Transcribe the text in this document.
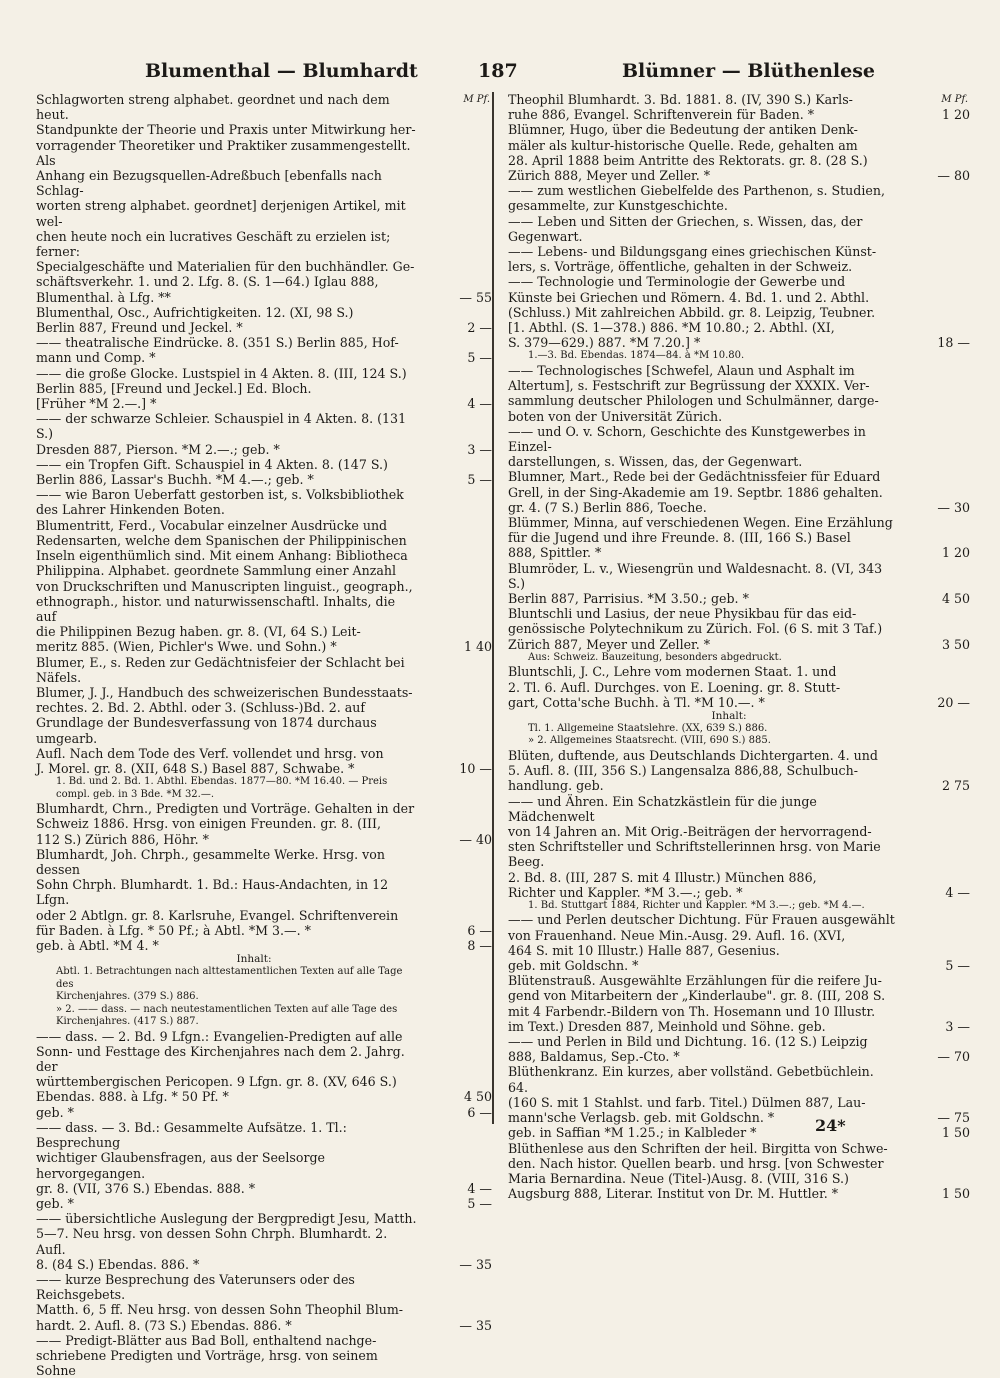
Blumenthal — Blumhardt	187	Blümner — Blüthenlese
M Pf.
Schlagworten streng alphabet. geordnet und nach dem heut.
Standpunkte der Theorie und Praxis unter Mitwirkung her-
vorragender Theoretiker und Praktiker zusammengestellt. Als
Anhang ein Bezugsquellen-Adreßbuch [ebenfalls nach Schlag-
worten streng alphabet. geordnet] derjenigen Artikel, mit wel-
chen heute noch ein lucratives Geschäft zu erzielen ist; ferner:
Specialgeschäfte und Materialien für den buchhändler. Ge-
schäftsverkehr. 1. und 2. Lfg. 8. (S. 1—64.) Iglau 888,
Blumenthal. à Lfg. **	— 55
Blumenthal, Osc., Aufrichtigkeiten. 12. (XI, 98 S.)
Berlin 887, Freund und Jeckel. *	2 —
—— theatralische Eindrücke. 8. (351 S.) Berlin 885, Hof-
mann und Comp. *	5 —
—— die große Glocke. Lustspiel in 4 Akten. 8. (III, 124 S.)
Berlin 885, [Freund und Jeckel.] Ed. Bloch.
[Früher *M 2.—.] *	4 —
—— der schwarze Schleier. Schauspiel in 4 Akten. 8. (131 S.)
Dresden 887, Pierson. *M 2.—.; geb. *	3 —
—— ein Tropfen Gift. Schauspiel in 4 Akten. 8. (147 S.)
Berlin 886, Lassar's Buchh. *M 4.—.; geb. *	5 —
—— wie Baron Ueberfatt gestorben ist, s. Volksbibliothek
des Lahrer Hinkenden Boten.
Blumentritt, Ferd., Vocabular einzelner Ausdrücke und
Redensarten, welche dem Spanischen der Philippinischen
Inseln eigenthümlich sind. Mit einem Anhang: Bibliotheca
Philippina. Alphabet. geordnete Sammlung einer Anzahl
von Druckschriften und Manuscripten linguist., geograph.,
ethnograph., histor. und naturwissenschaftl. Inhalts, die auf
die Philippinen Bezug haben. gr. 8. (VI, 64 S.) Leit-
meritz 885. (Wien, Pichler's Wwe. und Sohn.) *	1 40
Blumer, E., s. Reden zur Gedächtnisfeier der Schlacht bei
Näfels.
Blumer, J. J., Handbuch des schweizerischen Bundesstaats-
rechtes. 2. Bd. 2. Abthl. oder 3. (Schluss-)Bd. 2. auf
Grundlage der Bundesverfassung von 1874 durchaus umgearb.
Aufl. Nach dem Tode des Verf. vollendet und hrsg. von
J. Morel. gr. 8. (XII, 648 S.) Basel 887, Schwabe. *	10 —
1. Bd. und 2. Bd. 1. Abthl. Ebendas. 1877—80. *M 16.40. — Preis
compl. geb. in 3 Bde. *M 32.—.
Blumhardt, Chrn., Predigten und Vorträge. Gehalten in der
Schweiz 1886. Hrsg. von einigen Freunden. gr. 8. (III,
112 S.) Zürich 886, Höhr. *	— 40
Blumhardt, Joh. Chrph., gesammelte Werke. Hrsg. von dessen
Sohn Chrph. Blumhardt. 1. Bd.: Haus-Andachten, in 12 Lfgn.
oder 2 Abtlgn. gr. 8. Karlsruhe, Evangel. Schriftenverein
für Baden. à Lfg. * 50 Pf.; à Abtl. *M 3.—. *	6 —
geb. à Abtl. *M 4. *	8 —
Inhalt:
Abtl. 1. Betrachtungen nach alttestamentlichen Texten auf alle Tage des
Kirchenjahres. (379 S.) 886.
» 2. —— dass. — nach neutestamentlichen Texten auf alle Tage des
Kirchenjahres. (417 S.) 887.
—— dass. — 2. Bd. 9 Lfgn.: Evangelien-Predigten auf alle
Sonn- und Festtage des Kirchenjahres nach dem 2. Jahrg. der
württembergischen Pericopen. 9 Lfgn. gr. 8. (XV, 646 S.)
Ebendas. 888. à Lfg. * 50 Pf. *	4 50
geb. *	6 —
—— dass. — 3. Bd.: Gesammelte Aufsätze. 1. Tl.: Besprechung
wichtiger Glaubensfragen, aus der Seelsorge hervorgegangen.
gr. 8. (VII, 376 S.) Ebendas. 888. *	4 —
geb. *	5 —
—— übersichtliche Auslegung der Bergpredigt Jesu, Matth.
5—7. Neu hrsg. von dessen Sohn Chrph. Blumhardt. 2. Aufl.
8. (84 S.) Ebendas. 886. *	— 35
—— kurze Besprechung des Vaterunsers oder des Reichsgebets.
Matth. 6, 5 ff. Neu hrsg. von dessen Sohn Theophil Blum-
hardt. 2. Aufl. 8. (73 S.) Ebendas. 886. *	— 35
—— Predigt-Blätter aus Bad Boll, enthaltend nachge-
schriebene Predigten und Vorträge, hrsg. von seinem Sohne
M Pf.
Theophil Blumhardt. 3. Bd. 1881. 8. (IV, 390 S.) Karls-
ruhe 886, Evangel. Schriftenverein für Baden. *	1 20
Blümner, Hugo, über die Bedeutung der antiken Denk-
mäler als kultur-historische Quelle. Rede, gehalten am
28. April 1888 beim Antritte des Rektorats. gr. 8. (28 S.)
Zürich 888, Meyer und Zeller. *	— 80
—— zum westlichen Giebelfelde des Parthenon, s. Studien,
gesammelte, zur Kunstgeschichte.
—— Leben und Sitten der Griechen, s. Wissen, das, der
Gegenwart.
—— Lebens- und Bildungsgang eines griechischen Künst-
lers, s. Vorträge, öffentliche, gehalten in der Schweiz.
—— Technologie und Terminologie der Gewerbe und
Künste bei Griechen und Römern. 4. Bd. 1. und 2. Abthl.
(Schluss.) Mit zahlreichen Abbild. gr. 8. Leipzig, Teubner.
[1. Abthl. (S. 1—378.) 886. *M 10.80.; 2. Abthl. (XI,
S. 379—629.) 887. *M 7.20.] *	18 —
1.—3. Bd. Ebendas. 1874—84. à *M 10.80.
—— Technologisches [Schwefel, Alaun und Asphalt im
Altertum], s. Festschrift zur Begrüssung der XXXIX. Ver-
sammlung deutscher Philologen und Schulmänner, darge-
boten von der Universität Zürich.
—— und O. v. Schorn, Geschichte des Kunstgewerbes in Einzel-
darstellungen, s. Wissen, das, der Gegenwart.
Blumner, Mart., Rede bei der Gedächtnissfeier für Eduard
Grell, in der Sing-Akademie am 19. Septbr. 1886 gehalten.
gr. 4. (7 S.) Berlin 886, Toeche.	— 30
Blümmer, Minna, auf verschiedenen Wegen. Eine Erzählung
für die Jugend und ihre Freunde. 8. (III, 166 S.) Basel
888, Spittler. *	1 20
Blumröder, L. v., Wiesengrün und Waldesnacht. 8. (VI, 343 S.)
Berlin 887, Parrisius. *M 3.50.; geb. *	4 50
Bluntschli und Lasius, der neue Physikbau für das eid-
genössische Polytechnikum zu Zürich. Fol. (6 S. mit 3 Taf.)
Zürich 887, Meyer und Zeller. *	3 50
Aus: Schweiz. Bauzeitung, besonders abgedruckt.
Bluntschli, J. C., Lehre vom modernen Staat. 1. und
2. Tl. 6. Aufl. Durchges. von E. Loening. gr. 8. Stutt-
gart, Cotta'sche Buchh. à Tl. *M 10.—. *	20 —
Inhalt:
Tl. 1. Allgemeine Staatslehre. (XX, 639 S.) 886.
» 2. Allgemeines Staatsrecht. (VIII, 690 S.) 885.
Blüten, duftende, aus Deutschlands Dichtergarten. 4. und
5. Aufl. 8. (III, 356 S.) Langensalza 886,88, Schulbuch-
handlung. geb.	2 75
—— und Ähren. Ein Schatzkästlein für die junge Mädchenwelt
von 14 Jahren an. Mit Orig.-Beiträgen der hervorragend-
sten Schriftsteller und Schriftstellerinnen hrsg. von Marie Beeg.
2. Bd. 8. (III, 287 S. mit 4 Illustr.) München 886,
Richter und Kappler. *M 3.—.; geb. *	4 —
1. Bd. Stuttgart 1884, Richter und Kappler. *M 3.—.; geb. *M 4.—.
—— und Perlen deutscher Dichtung. Für Frauen ausgewählt
von Frauenhand. Neue Min.-Ausg. 29. Aufl. 16. (XVI,
464 S. mit 10 Illustr.) Halle 887, Gesenius.
geb. mit Goldschn. *	5 —
Blütenstrauß. Ausgewählte Erzählungen für die reifere Ju-
gend von Mitarbeitern der „Kinderlaube". gr. 8. (III, 208 S.
mit 4 Farbendr.-Bildern von Th. Hosemann und 10 Illustr.
im Text.) Dresden 887, Meinhold und Söhne. geb.	3 —
—— und Perlen in Bild und Dichtung. 16. (12 S.) Leipzig
888, Baldamus, Sep.-Cto. *	— 70
Blüthenkranz. Ein kurzes, aber vollständ. Gebetbüchlein. 64.
(160 S. mit 1 Stahlst. und farb. Titel.) Dülmen 887, Lau-
mann'sche Verlagsb. geb. mit Goldschn. *	— 75
geb. in Saffian *M 1.25.; in Kalbleder *	1 50
Blüthenlese aus den Schriften der heil. Birgitta von Schwe-
den. Nach histor. Quellen bearb. und hrsg. [von Schwester
Maria Bernardina. Neue (Titel-)Ausg. 8. (VIII, 316 S.)
Augsburg 888, Literar. Institut von Dr. M. Huttler. *	1 50
24*
